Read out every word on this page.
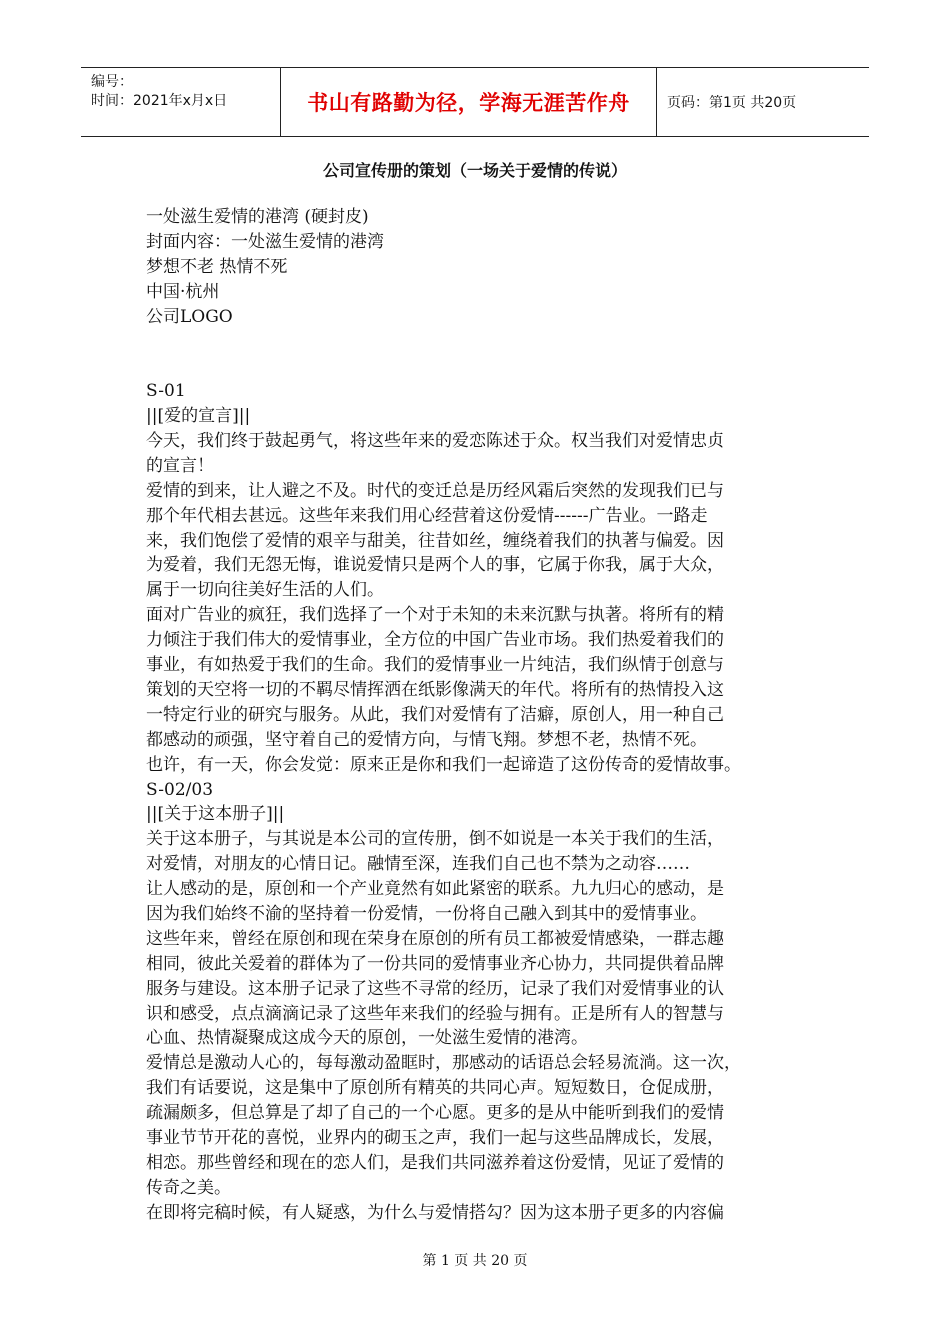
编号：
时间：2021年x月x日	书山有路勤为径，学海无涯苦作舟	页码：第1页 共20页
公司宣传册的策划（一场关于爱情的传说）
一处滋生爱情的港湾 (硬封皮)
封面内容：一处滋生爱情的港湾
梦想不老 热情不死
中国·杭州
公司LOGO
S-01
||[爱的宣言]||
今天，我们终于鼓起勇气，将这些年来的爱恋陈述于众。权当我们对爱情忠贞
的宣言！
爱情的到来，让人避之不及。时代的变迁总是历经风霜后突然的发现我们已与
那个年代相去甚远。这些年来我们用心经营着这份爱情------广告业。一路走
来，我们饱偿了爱情的艰辛与甜美，往昔如丝，缠绕着我们的执著与偏爱。因
为爱着，我们无怨无悔，谁说爱情只是两个人的事，它属于你我，属于大众，
属于一切向往美好生活的人们。
面对广告业的疯狂，我们选择了一个对于未知的未来沉默与执著。将所有的精
力倾注于我们伟大的爱情事业，全方位的中国广告业市场。我们热爱着我们的
事业，有如热爱于我们的生命。我们的爱情事业一片纯洁，我们纵情于创意与
策划的天空将一切的不羁尽情挥洒在纸影像满天的年代。将所有的热情投入这
一特定行业的研究与服务。从此，我们对爱情有了洁癖，原创人，用一种自己
都感动的顽强，坚守着自己的爱情方向，与情飞翔。梦想不老，热情不死。
也许，有一天，你会发觉：原来正是你和我们一起谛造了这份传奇的爱情故事。
S-02/03
||[关于这本册子]||
关于这本册子，与其说是本公司的宣传册，倒不如说是一本关于我们的生活，
对爱情，对朋友的心情日记。融情至深，连我们自己也不禁为之动容……
让人感动的是，原创和一个产业竟然有如此紧密的联系。九九归心的感动，是
因为我们始终不渝的坚持着一份爱情，一份将自己融入到其中的爱情事业。
这些年来，曾经在原创和现在荣身在原创的所有员工都被爱情感染，一群志趣
相同，彼此关爱着的群体为了一份共同的爱情事业齐心协力，共同提供着品牌
服务与建设。这本册子记录了这些不寻常的经历，记录了我们对爱情事业的认
识和感受，点点滴滴记录了这些年来我们的经验与拥有。正是所有人的智慧与
心血、热情凝聚成这成今天的原创，一处滋生爱情的港湾。
爱情总是激动人心的，每每激动盈眶时，那感动的话语总会轻易流淌。这一次，
我们有话要说，这是集中了原创所有精英的共同心声。短短数日，仓促成册，
疏漏颇多，但总算是了却了自己的一个心愿。更多的是从中能听到我们的爱情
事业节节开花的喜悦，业界内的砌玉之声，我们一起与这些品牌成长，发展，
相恋。那些曾经和现在的恋人们，是我们共同滋养着这份爱情，见证了爱情的
传奇之美。
在即将完稿时候，有人疑惑，为什么与爱情搭勾？因为这本册子更多的内容偏
第 1 页 共 20 页
